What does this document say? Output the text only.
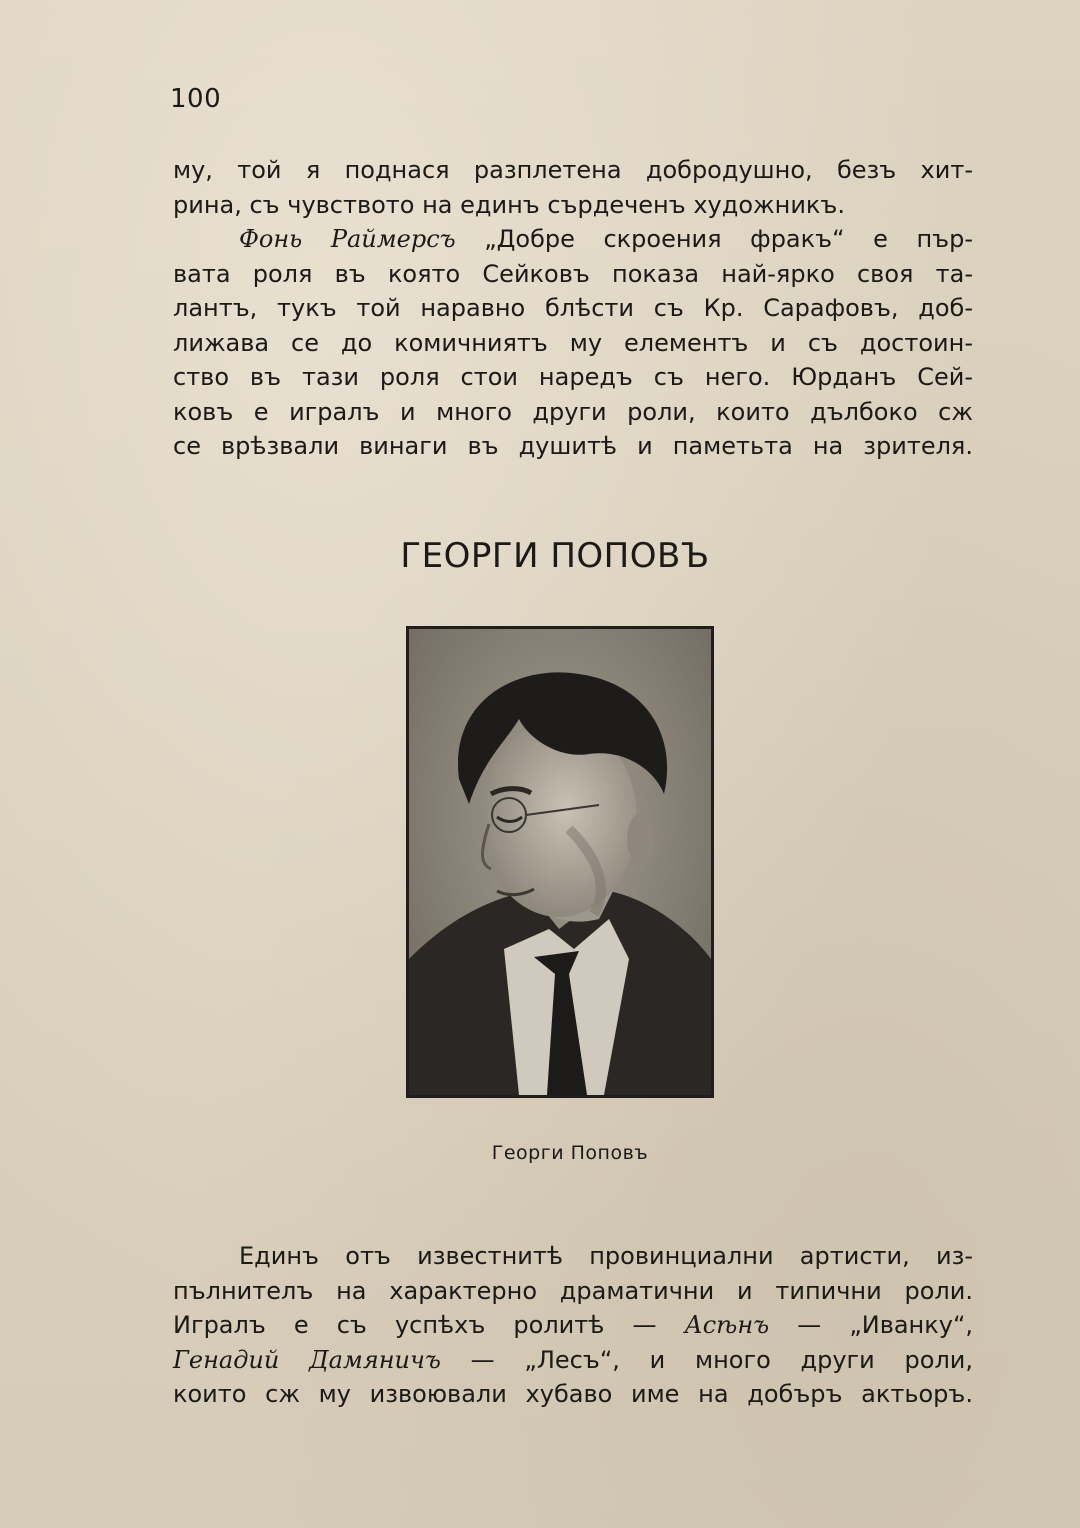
100
му, той я поднася разплетена добродушно, безъ хит-
рина, съ чувството на единъ сърдеченъ художникъ.
Фонь Раймерсъ „Добре скроения фракъ“ е пър-
вата роля въ която Сейковъ показа най-ярко своя та-
лантъ, тукъ той наравно блѣсти съ Кр. Сарафовъ, доб-
лижава се до комичниятъ му елементъ и съ достоин-
ство въ тази роля стои наредъ съ него. Юрданъ Сей-
ковъ е игралъ и много други роли, които дълбоко сж
се врѣзвали винаги въ душитѣ и паметьта на зрителя.
ГЕОРГИ ПОПОВЪ
Георги Поповъ
Единъ отъ известнитѣ провинциални артисти, из-
пълнителъ на характерно драматични и типични роли.
Игралъ е съ успѣхъ ролитѣ — Асѣнъ — „Иванку“,
Генадий Дамяничъ — „Лесъ“, и много други роли,
които сж му извоювали хубаво име на добъръ актьоръ.
